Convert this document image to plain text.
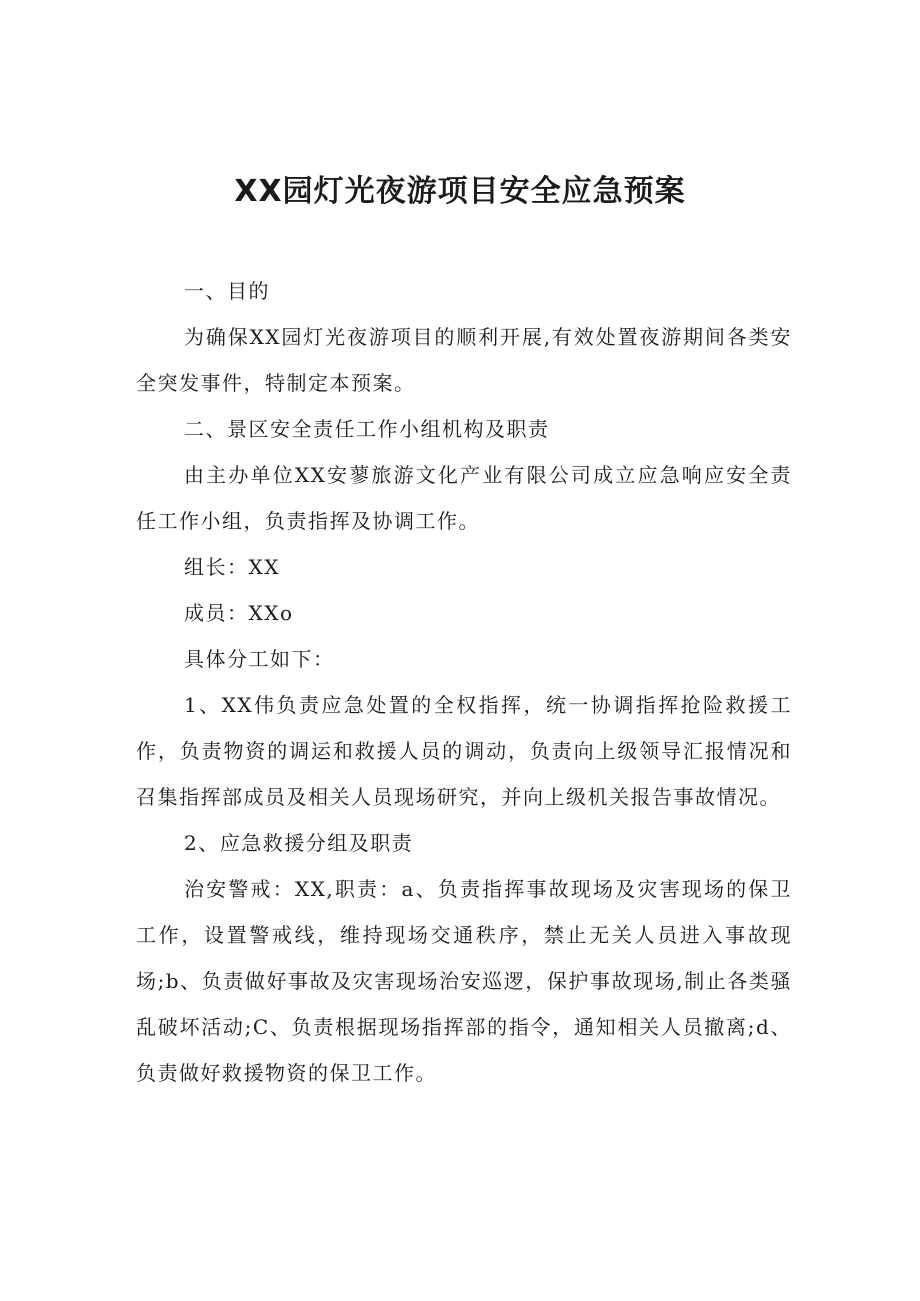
XX园灯光夜游项目安全应急预案

一、目的

为确保XX园灯光夜游项目的顺利开展,有效处置夜游期间各类安全突发事件，特制定本预案。

二、景区安全责任工作小组机构及职责

由主办单位XX安蓼旅游文化产业有限公司成立应急响应安全责任工作小组，负责指挥及协调工作。

组长：XX

成员：XXo

具体分工如下：

1、XX伟负责应急处置的全权指挥，统一协调指挥抢险救援工作，负责物资的调运和救援人员的调动，负责向上级领导汇报情况和召集指挥部成员及相关人员现场研究，并向上级机关报告事故情况。

2、应急救援分组及职责

治安警戒：XX,职责：a、负责指挥事故现场及灾害现场的保卫工作，设置警戒线，维持现场交通秩序，禁止无关人员进入事故现场;b、负责做好事故及灾害现场治安巡逻，保护事故现场,制止各类骚乱破坏活动;C、负责根据现场指挥部的指令，通知相关人员撤离;d、负责做好救援物资的保卫工作。
